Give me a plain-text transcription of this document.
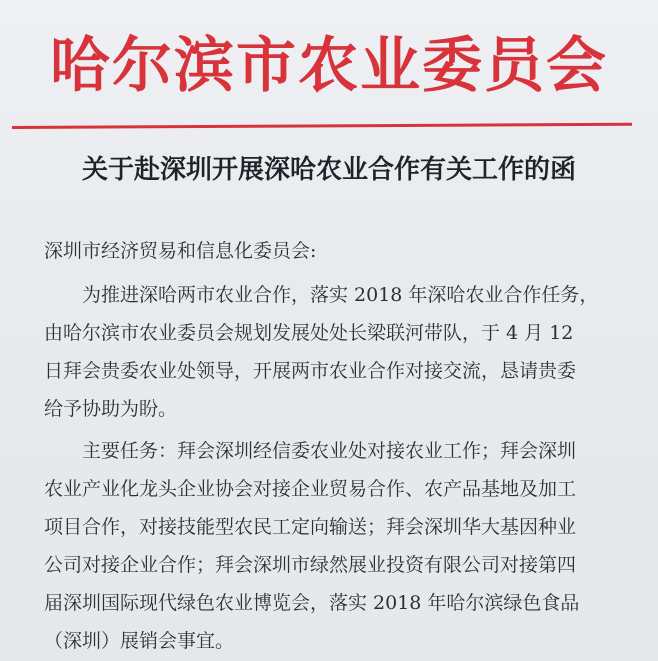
哈尔滨市农业委员会
关于赴深圳开展深哈农业合作有关工作的函
深圳市经济贸易和信息化委员会:
为推进深哈两市农业合作，落实 2018 年深哈农业合作任务，
由哈尔滨市农业委员会规划发展处处长梁联河带队，于 4 月 12
日拜会贵委农业处领导，开展两市农业合作对接交流，恳请贵委
给予协助为盼。
主要任务：拜会深圳经信委农业处对接农业工作；拜会深圳
农业产业化龙头企业协会对接企业贸易合作、农产品基地及加工
项目合作，对接技能型农民工定向输送；拜会深圳华大基因种业
公司对接企业合作；拜会深圳市绿然展业投资有限公司对接第四
届深圳国际现代绿色农业博览会，落实 2018 年哈尔滨绿色食品
（深圳）展销会事宜。
